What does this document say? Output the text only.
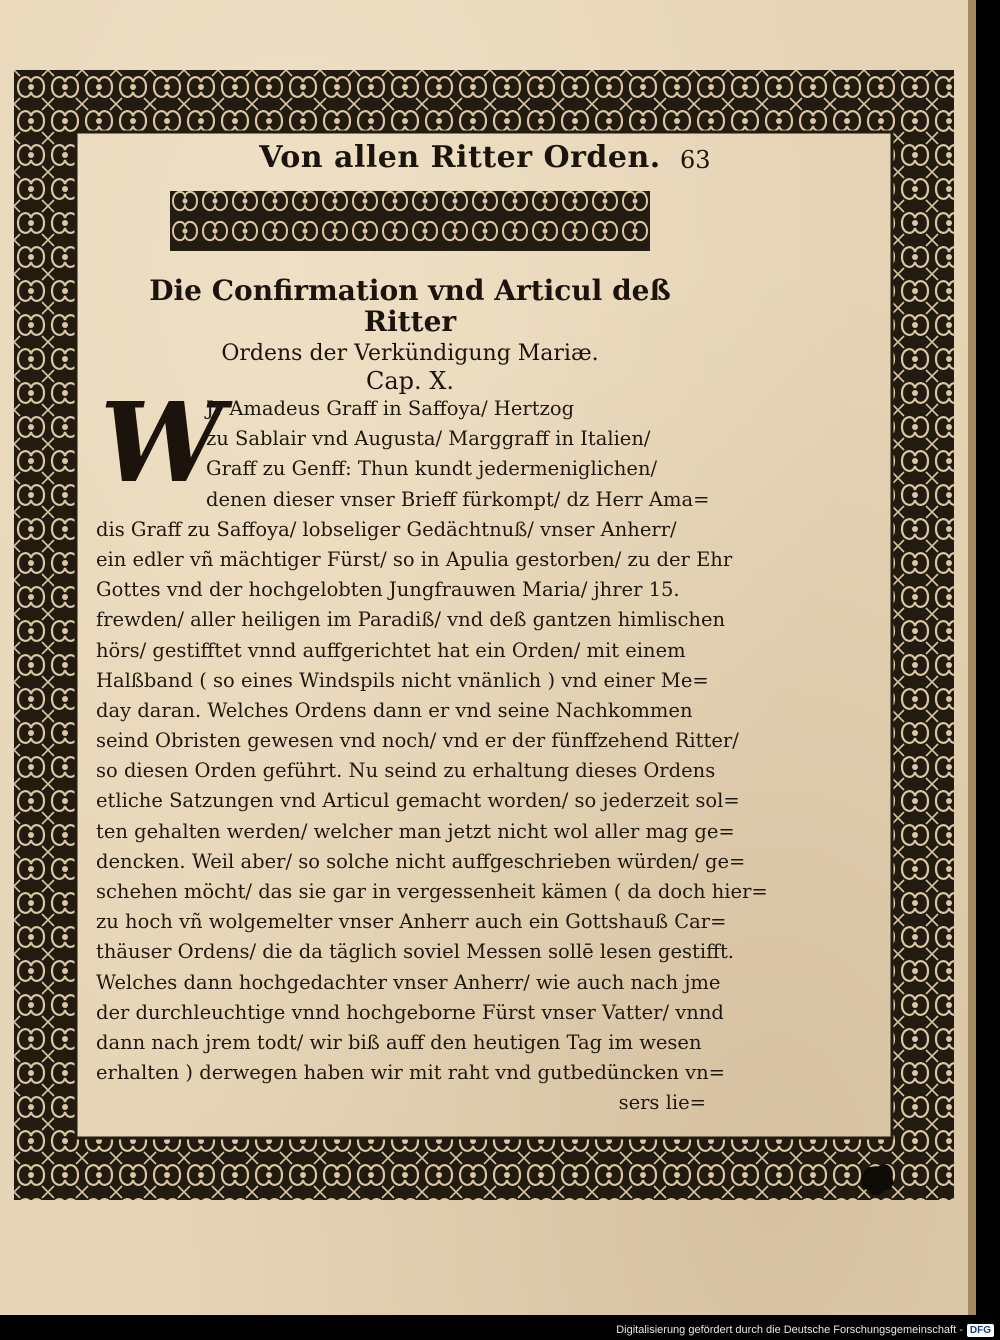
Von allen Ritter Orden. 63
Die Confirmation vnd Articul deß Ritter
Ordens der Verkündigung Mariæ.
Cap. X.
W
Jr Amadeus Graff in Saffoya/ Hertzog
zu Sablair vnd Augusta/ Marggraff in Italien/
Graff zu Genff: Thun kundt jedermeniglichen/
denen dieser vnser Brieff fürkompt/ dz Herr Ama=
dis Graff zu Saffoya/ lobseliger Gedächtnuß/ vnser Anherr/
ein edler vñ mächtiger Fürst/ so in Apulia gestorben/ zu der Ehr
Gottes vnd der hochgelobten Jungfrauwen Maria/ jhrer 15.
frewden/ aller heiligen im Paradiß/ vnd deß gantzen himlischen
hörs/ gestifftet vnnd auffgerichtet hat ein Orden/ mit einem
Halßband ( so eines Windspils nicht vnänlich ) vnd einer Me=
day daran. Welches Ordens dann er vnd seine Nachkommen
seind Obristen gewesen vnd noch/ vnd er der fünffzehend Ritter/
so diesen Orden geführt. Nu seind zu erhaltung dieses Ordens
etliche Satzungen vnd Articul gemacht worden/ so jederzeit sol=
ten gehalten werden/ welcher man jetzt nicht wol aller mag ge=
dencken. Weil aber/ so solche nicht auffgeschrieben würden/ ge=
schehen möcht/ das sie gar in vergessenheit kämen ( da doch hier=
zu hoch vñ wolgemelter vnser Anherr auch ein Gottshauß Car=
thäuser Ordens/ die da täglich soviel Messen sollē lesen gestifft.
Welches dann hochgedachter vnser Anherr/ wie auch nach jme
der durchleuchtige vnnd hochgeborne Fürst vnser Vatter/ vnnd
dann nach jrem todt/ wir biß auff den heutigen Tag im wesen
erhalten ) derwegen haben wir mit raht vnd gutbedüncken vn=
sers lie=
Digitalisierung gefördert durch die Deutsche Forschungsgemeinschaft - DFG
